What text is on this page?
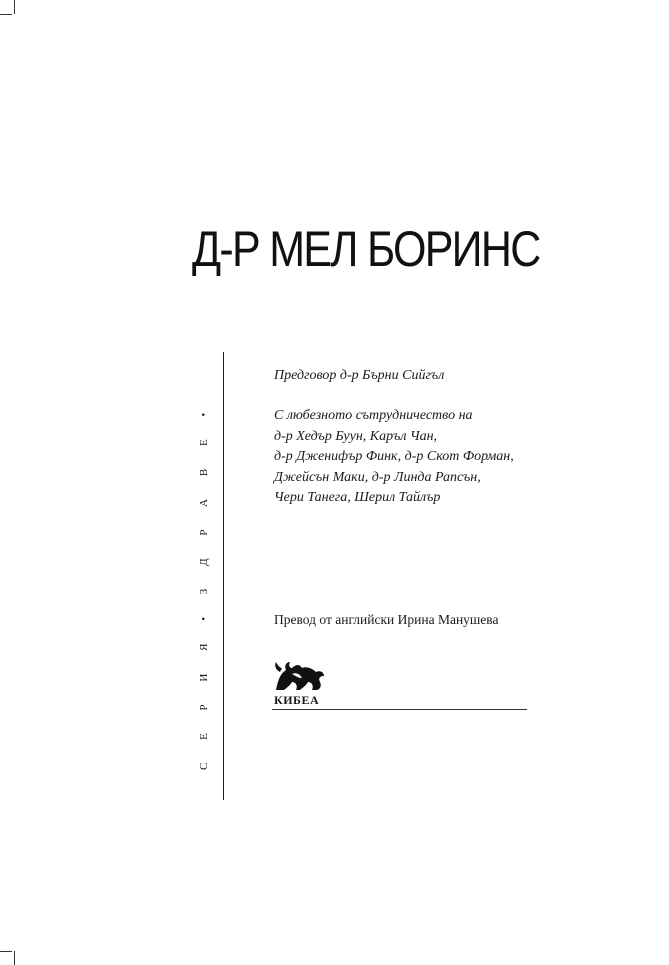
Д-Р МЕЛ БОРИНС
С Е Р И Я • З Д Р А В Е •
Предговор д-р Бърни Сийгъл
С любезното сътрудничество на
д-р Хедър Буун, Каръл Чан,
д-р Дженифър Финк, д-р Скот Форман,
Джейсън Маки, д-р Линда Рапсън,
Чери Танега, Шерил Тайлър
Превод от английски Ирина Манушева
КИБЕА
